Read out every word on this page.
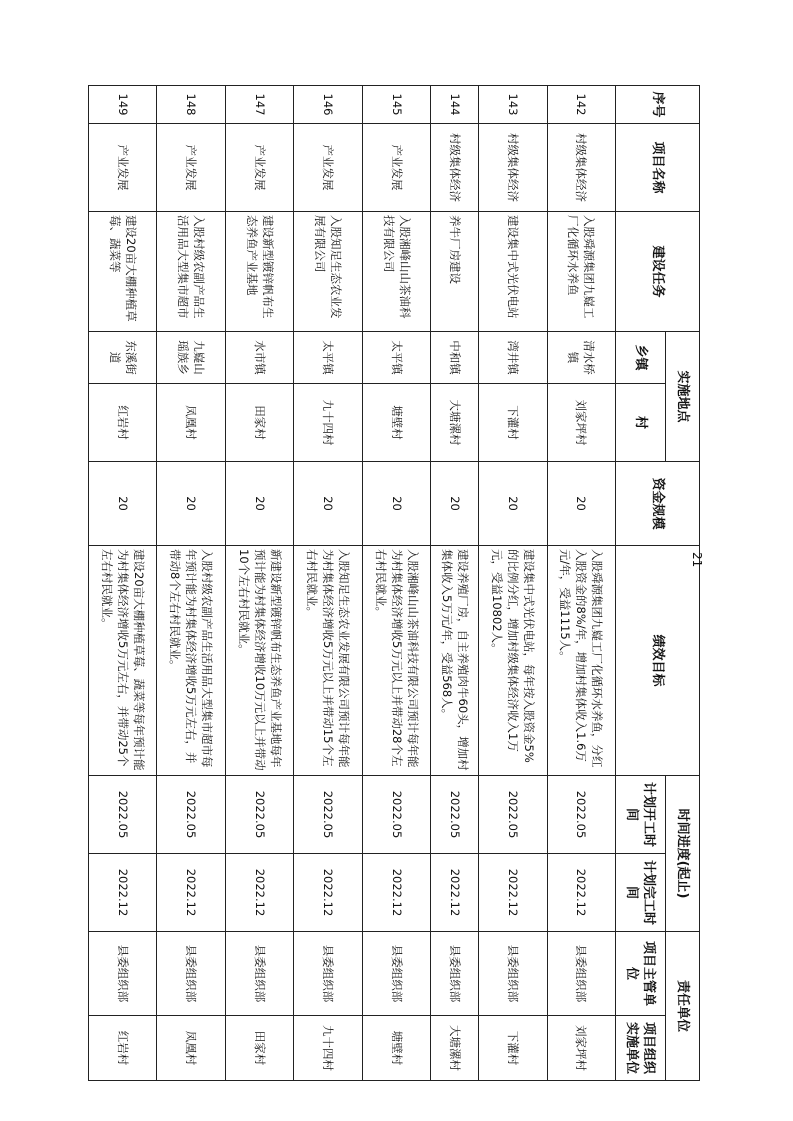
序号	项目名称	建设任务	实施地点		资金规模	绩效目标	时间进度(起止)		责任单位	
			乡镇	村			计划开工时间	计划完工时间	项目主管单位	项目组织实施单位
142	村级集体经济	入股舜源集团九嶷工厂化循环水养鱼	清水桥镇	刘家坪村	20	入股舜源集团九嶷工厂化循环水养鱼，分红入股资金的8%/年，增加村集体收入1.6万元/年，受益1115人。	2022.05	2022.12	县委组织部	刘家坪村
143	村级集体经济	建设集中式光伏电站	湾井镇	下灌村	20	建设集中式光伏电站，每年按入股资金5%的比例分红，增加村级集体经济收入1万元，受益10802人。	2022.05	2022.12	县委组织部	下灌村
144	村级集体经济	养牛厂房建设	中和镇	大塘漯村	20	建设养殖厂房，自主养殖肉牛60头，增加村集体收入5万元/年，受益568人。	2022.05	2022.12	县委组织部	大塘漯村
145	产业发展	入股湘峰山山茶油科技有限公司	太平镇	塘壁村	20	入股湘峰山山茶油科技有限公司预计每年能为村集体经济增收5万元以上并带动28个左右村民就业。	2022.05	2022.12	县委组织部	塘壁村
146	产业发展	入股知足生态农业发展有限公司	太平镇	九十四村	20	入股知足生态农业发展有限公司预计每年能为村集体经济增收5万元以上并带动15个左右村民就业。	2022.05	2022.12	县委组织部	九十四村
147	产业发展	建设新型镀锌帆布生态养鱼产业基地	水市镇	田家村	20	新建设新型镀锌帆布生态养鱼产业基地每年预计能为村集体经济增收10万元以上并带动10个左右村民就业。	2022.05	2022.12	县委组织部	田家村
148	产业发展	入股村级农副产品生活用品大型集市超市	九嶷山瑶族乡	凤凰村	20	入股村级农副产品生活用品大型集市超市每年预计能为村集体经济增收5万元左右，并带动8个左右村民就业。	2022.05	2022.12	县委组织部	凤凰村
149	产业发展	建设20亩大棚种植草莓、蔬菜等	东溪街道	红岩村	20	建设20亩大棚种植草莓、蔬菜等每年预计能为村集体经济增收5万元左右，并带动25个左右村民就业。	2022.05	2022.12	县委组织部	红岩村
21
